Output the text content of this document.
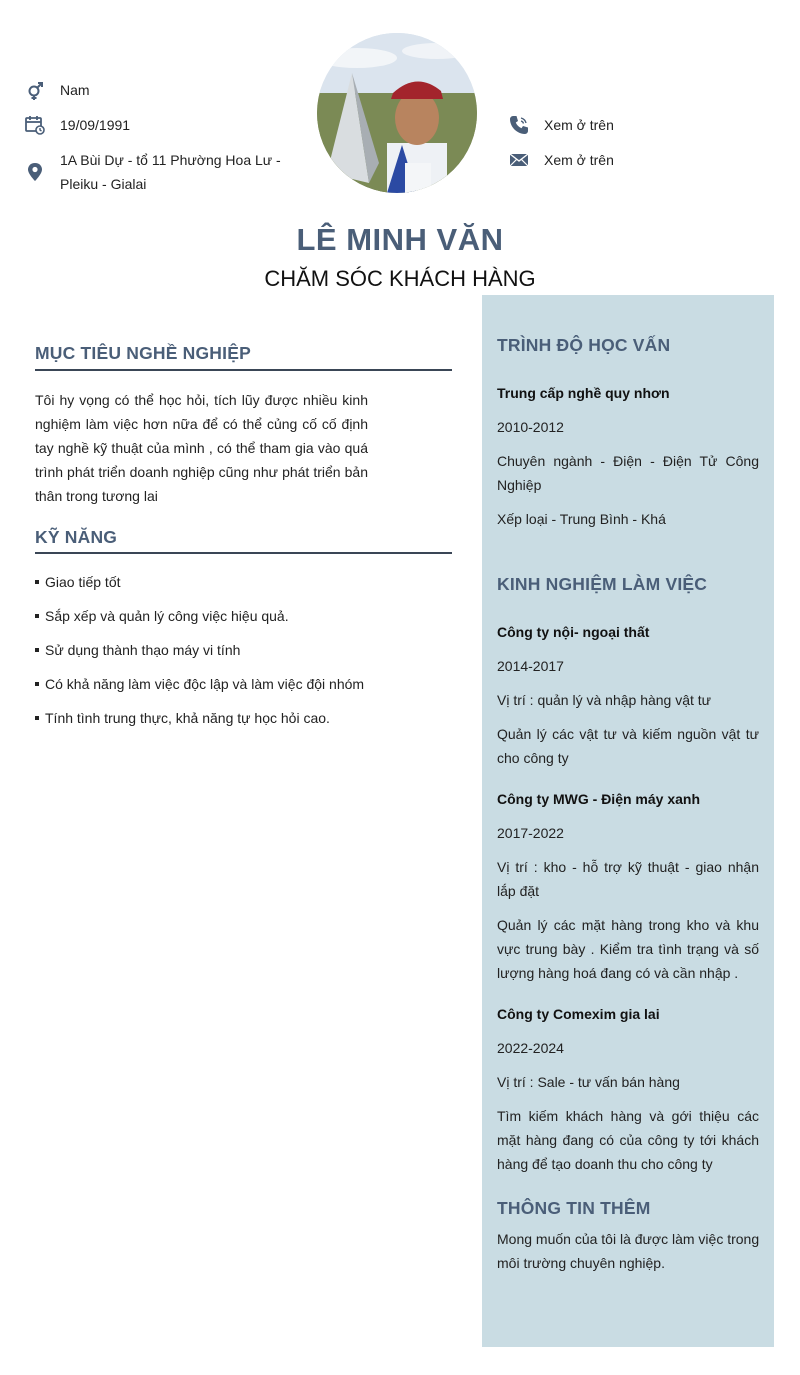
Nam
19/09/1991
1A Bùi Dự - tổ 11 Phường Hoa Lư - Pleiku - Gialai
Xem ở trên
Xem ở trên
LÊ MINH VĂN
CHĂM SÓC KHÁCH HÀNG
MỤC TIÊU NGHỀ NGHIỆP
Tôi hy vọng có thể học hỏi, tích lũy được nhiều kinh nghiệm làm việc hơn nữa để có thể củng cố cố định tay nghề kỹ thuật của mình , có thể tham gia vào quá trình phát triển doanh nghiệp cũng như phát triển bản thân trong tương lai
KỸ NĂNG
Giao tiếp tốt
Sắp xếp và quản lý công việc hiệu quả.
Sử dụng thành thạo máy vi tính
Có khả năng làm việc độc lập và làm việc đội nhóm
Tính tình trung thực, khả năng tự học hỏi cao.
TRÌNH ĐỘ HỌC VẤN
Trung cấp nghề quy nhơn
2010-2012
Chuyên ngành - Điện - Điện Tử Công Nghiệp
Xếp loại - Trung Bình - Khá
KINH NGHIỆM LÀM VIỆC
Công ty nội- ngoại thất
2014-2017
Vị trí : quản lý và nhập hàng vật tư
Quản lý các vật tư và kiếm nguồn vật tư cho công ty
Công ty MWG - Điện máy xanh
2017-2022
Vị trí : kho - hỗ trợ kỹ thuật - giao nhận lắp đặt
Quản lý các mặt hàng trong kho và khu vực trung bày . Kiểm tra tình trạng và số lượng hàng hoá đang có và cần nhập .
Công ty Comexim gia lai
2022-2024
Vị trí : Sale - tư vấn bán hàng
Tìm kiếm khách hàng và gới thiệu các mặt hàng đang có của công ty tới khách hàng để tạo doanh thu cho công ty
THÔNG TIN THÊM
Mong muốn của tôi là được làm việc trong môi trường chuyên nghiệp.
